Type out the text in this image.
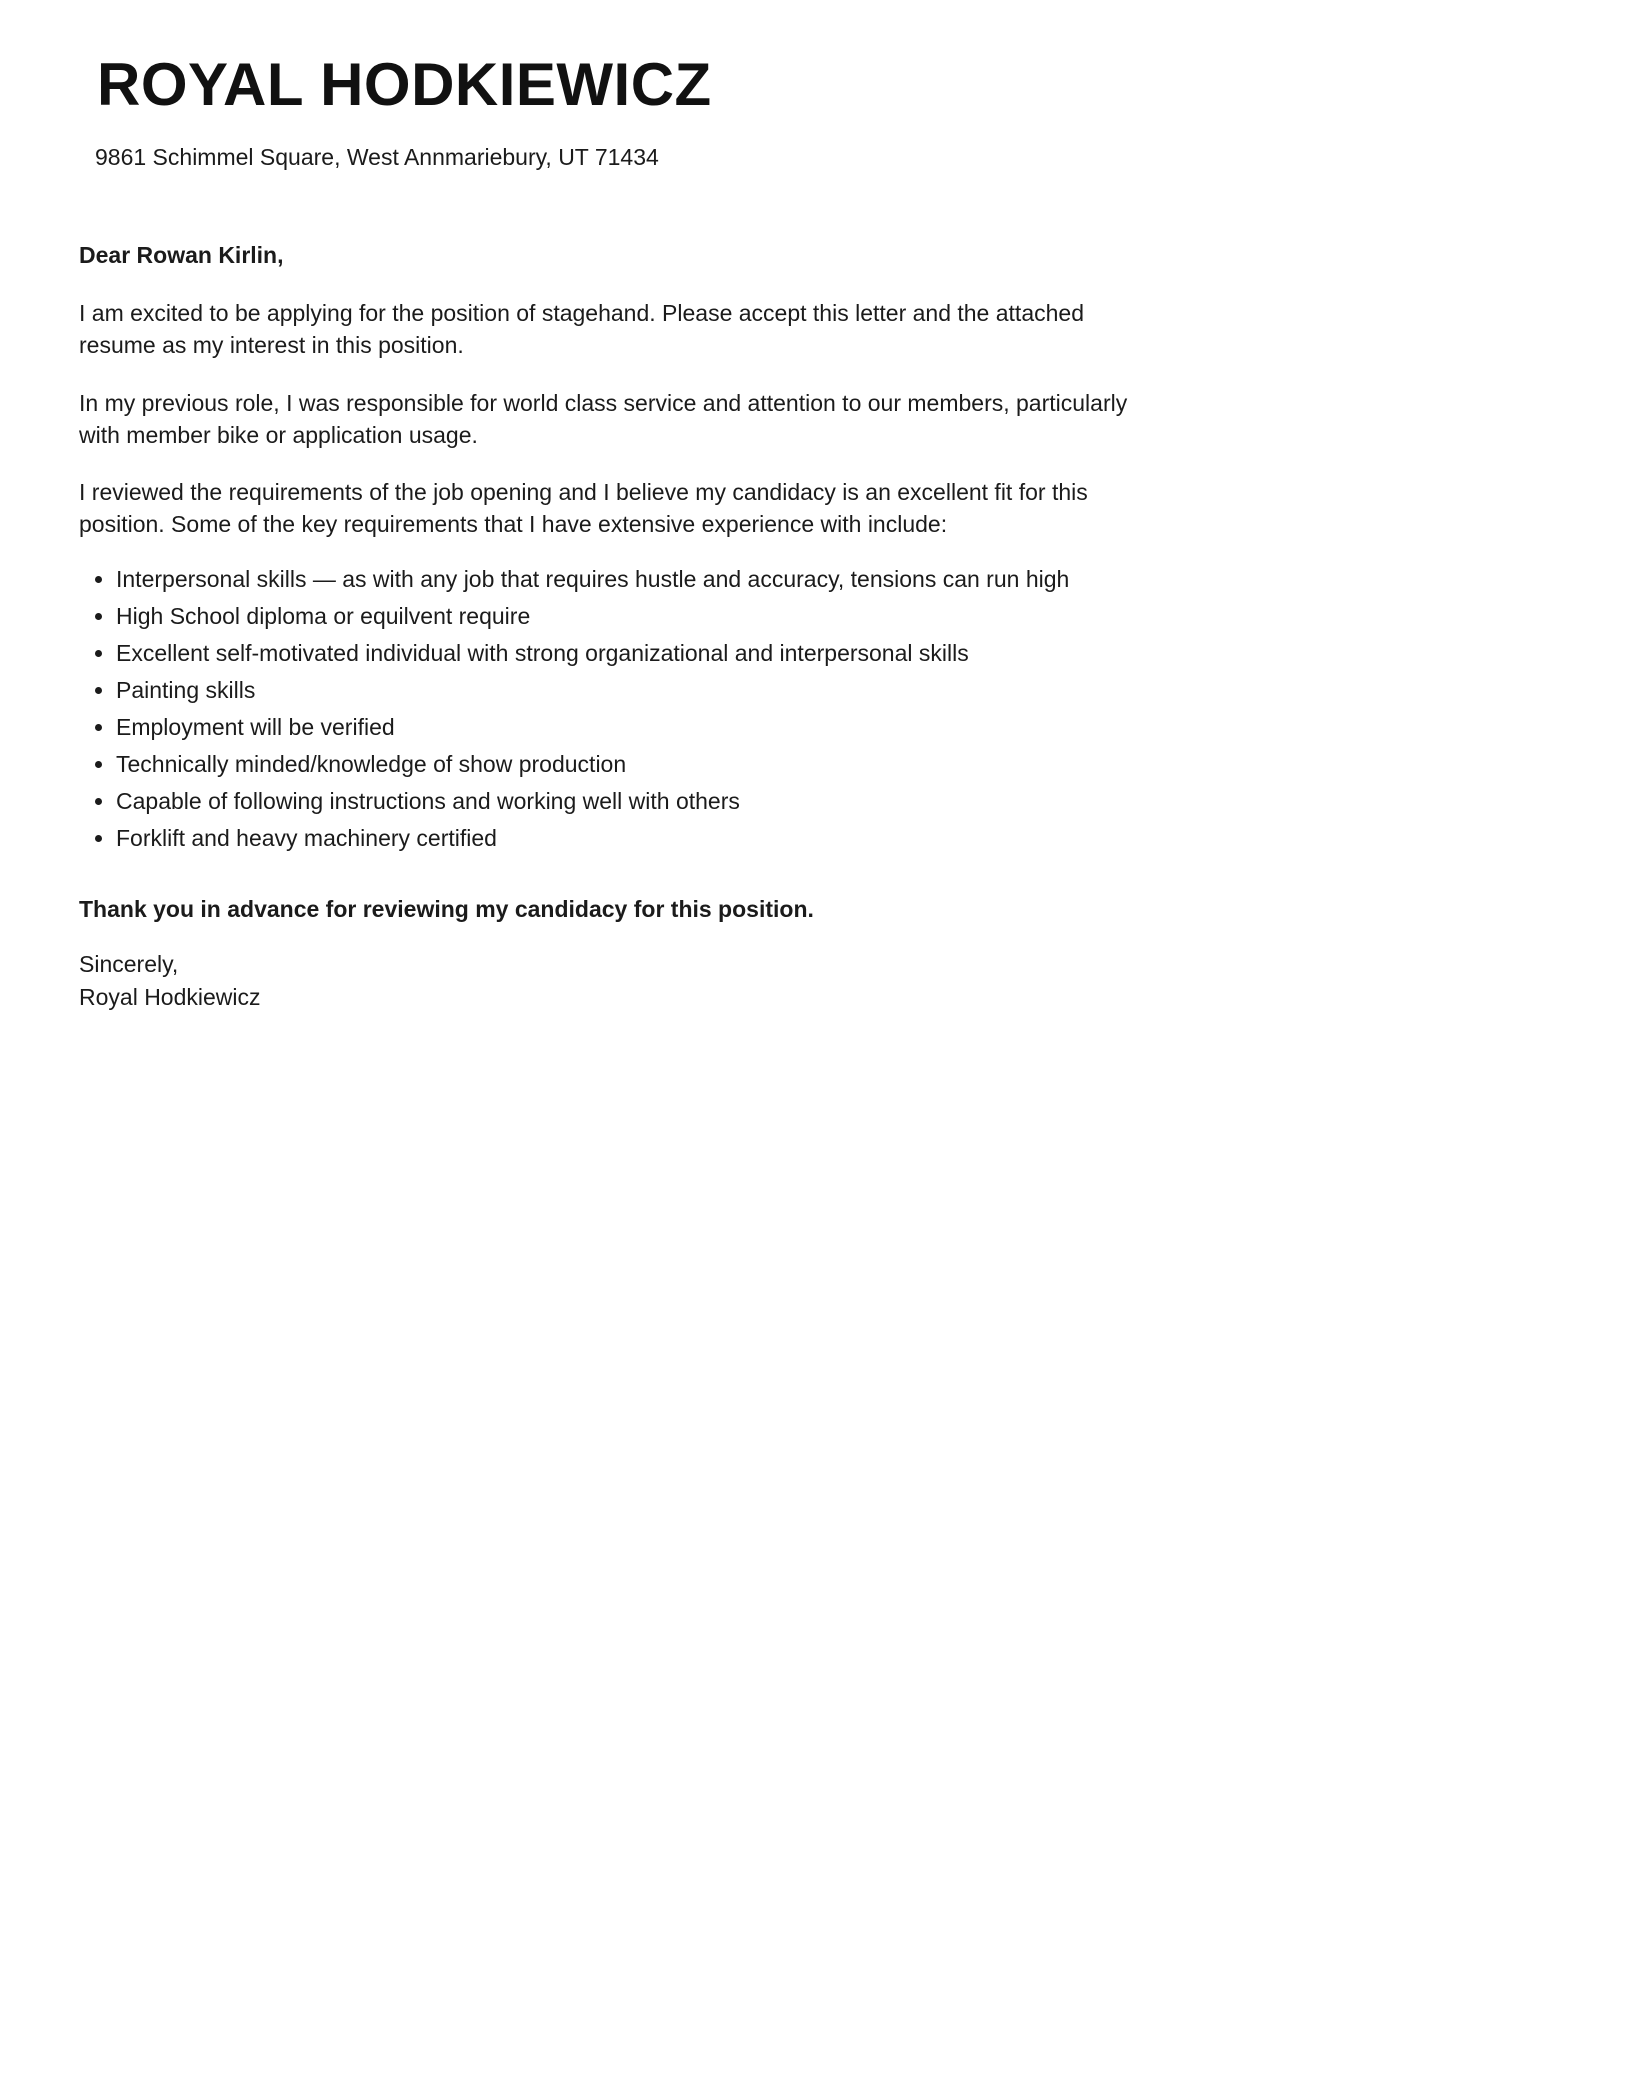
ROYAL HODKIEWICZ
9861 Schimmel Square, West Annmariebury, UT 71434

Dear Rowan Kirlin,

I am excited to be applying for the position of stagehand. Please accept this letter and the attached resume as my interest in this position.

In my previous role, I was responsible for world class service and attention to our members, particularly with member bike or application usage.

I reviewed the requirements of the job opening and I believe my candidacy is an excellent fit for this position. Some of the key requirements that I have extensive experience with include:

• Interpersonal skills — as with any job that requires hustle and accuracy, tensions can run high
• High School diploma or equilvent require
• Excellent self-motivated individual with strong organizational and interpersonal skills
• Painting skills
• Employment will be verified
• Technically minded/knowledge of show production
• Capable of following instructions and working well with others
• Forklift and heavy machinery certified

Thank you in advance for reviewing my candidacy for this position.

Sincerely,
Royal Hodkiewicz
